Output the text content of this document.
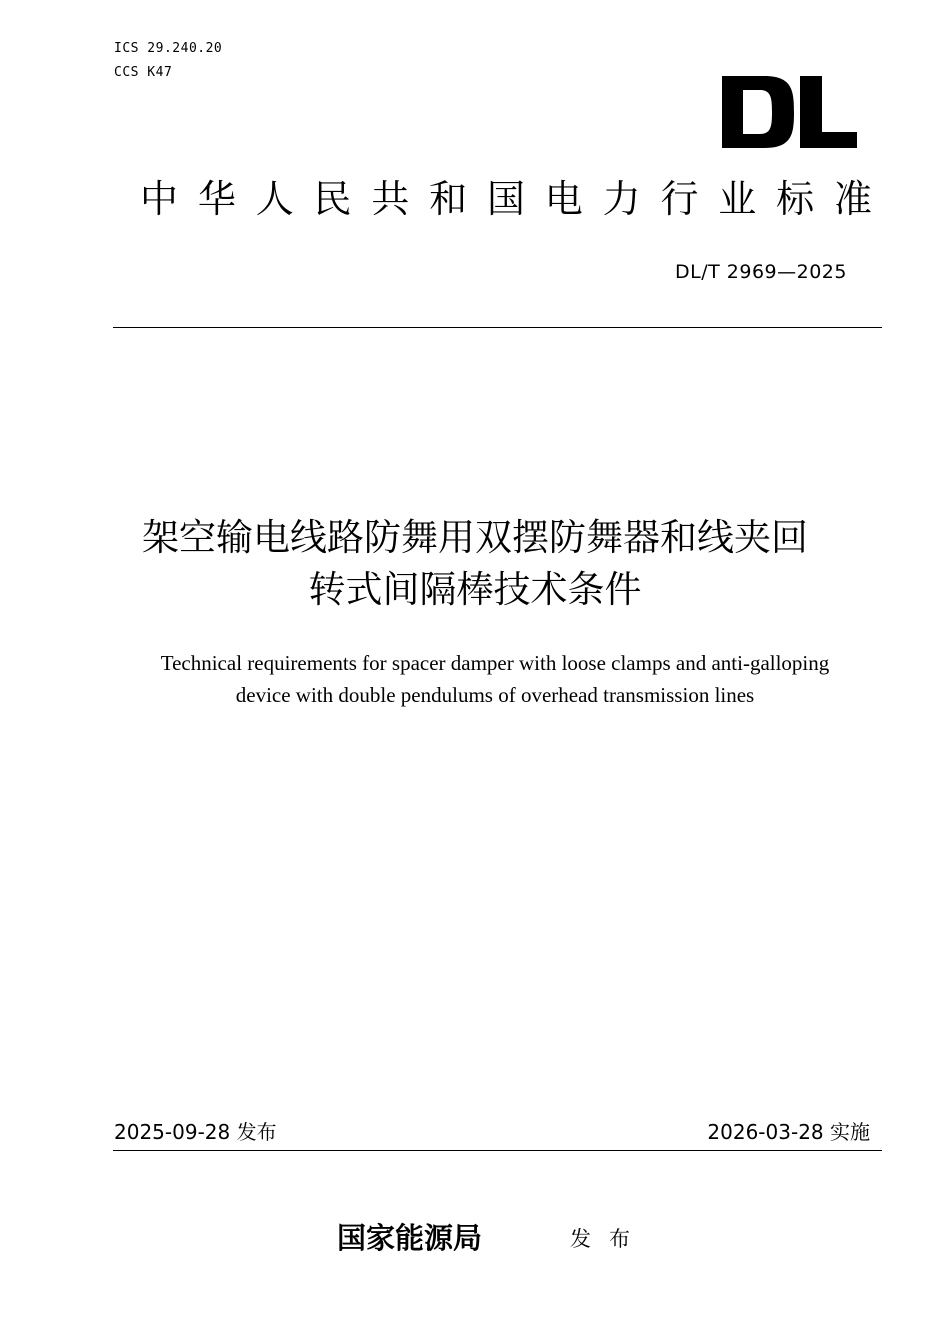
ICS 29.240.20
CCS K47
中 华 人 民 共 和 国 电 力 行 业 标 准
DL/T 2969—2025
架空输电线路防舞用双摆防舞器和线夹回
转式间隔棒技术条件
Technical requirements for spacer damper with loose clamps and anti-galloping
device with double pendulums of overhead transmission lines
2025-09-28 发布	2026-03-28 实施
国家能源局	发布
